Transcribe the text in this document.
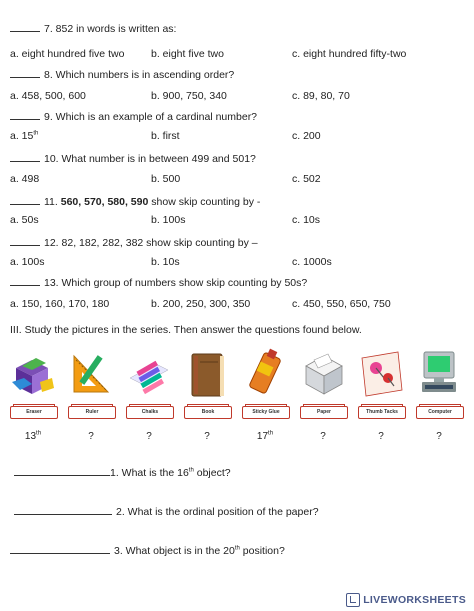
7. 852 in words is written as:
a. eight hundred five two	b. eight five two	c. eight hundred fifty-two
8. Which numbers is in ascending order?
a. 458, 500, 600	b. 900, 750, 340	c. 89, 80, 70
9. Which is an example of a cardinal number?
a. 15th	b. first	c. 200
10. What number is in between 499 and 501?
a. 498	b. 500	c. 502
11. 560, 570, 580, 590 show skip counting by -
a. 50s	b. 100s	c. 10s
12. 82, 182, 282, 382 show skip counting by –
a. 100s	b. 10s	c. 1000s
13. Which group of numbers show skip counting by 50s?
a. 150, 160, 170, 180	b. 200, 250, 300, 350	c. 450, 550, 650, 750
III. Study the pictures in the series. Then answer the questions found below.
Eraser
13th
Ruler
?
Chalks
?
Book
?
Sticky Glue
17th
Paper
?
Thumb Tacks
?
Computer
?
1. What is the 16th object?
2. What is the ordinal position of the paper?
3. What object is in the 20th position?
LIVEWORKSHEETS
